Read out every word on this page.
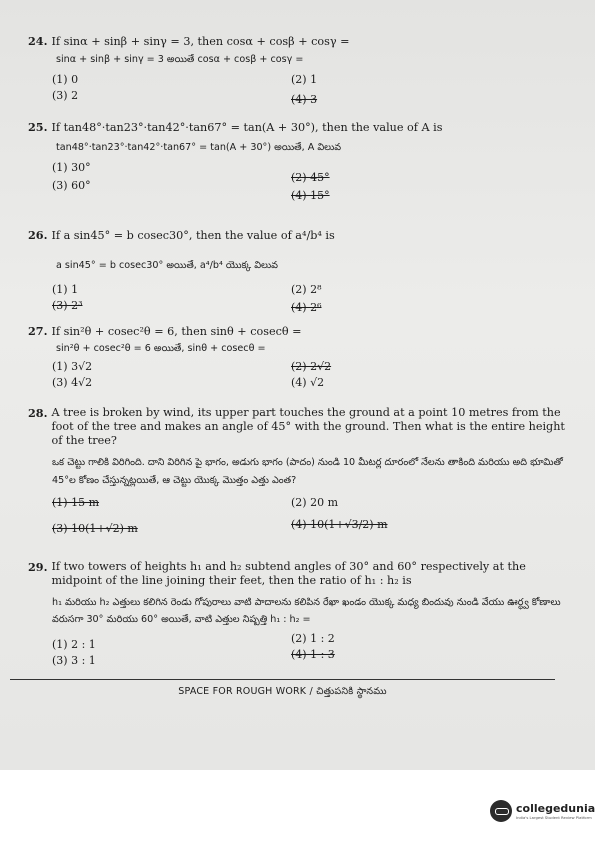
24. If sinα + sinβ + sinγ = 3, then cosα + cosβ + cosγ =
sinα + sinβ + sinγ = 3 అయితే cosα + cosβ + cosγ =
(1) 0	(2) 1
(3) 2	(4) 3
25. If tan48°·tan23°·tan42°·tan67° = tan(A + 30°), then the value of A is
tan48°·tan23°·tan42°·tan67° = tan(A + 30°) అయితే, A విలువ
(1) 30°
(2) 45°
(3) 60°
(4) 15°
26. If a sin45° = b cosec30°, then the value of a⁴/b⁴ is
a sin45° = b cosec30° అయితే, a⁴/b⁴ యొక్క విలువ
(1) 1	(2) 2⁸
(3) 2³	(4) 2⁶
27. If sin²θ + cosec²θ = 6, then sinθ + cosecθ =
sin²θ + cosec²θ = 6 అయితే, sinθ + cosecθ =
(1) 3√2	(2) 2√2
(3) 4√2	(4) √2
28. A tree is broken by wind, its upper part touches the ground at a point 10 metres from the foot of the tree and makes an angle of 45° with the ground. Then what is the entire height of the tree?
ఒక చెట్టు గాలికి విరిగింది. దాని విరిగిన పై భాగం, అడుగు భాగం (పాదం) నుండి 10 మీటర్ల దూరంలో నేలను తాకింది మరియు అది భూమితో 45°ల కోణం చేస్తున్నట్లయితే, ఆ చెట్టు యొక్క మొత్తం ఎత్తు ఎంత?
(1) 15 m	(2) 20 m
(3) 10(1+√2) m	(4) 10(1+√3/2) m
29. If two towers of heights h₁ and h₂ subtend angles of 30° and 60° respectively at the midpoint of the line joining their feet, then the ratio of h₁ : h₂ is
h₁ మరియు h₂ ఎత్తులు కలిగిన రెండు గోపురాలు వాటి పాదాలను కలిపిన రేఖా ఖండం యొక్క మధ్య బిందువు నుండి వేయు ఊర్ధ్వ కోణాలు వరుసగా 30° మరియు 60° అయితే, వాటి ఎత్తుల నిష్పత్తి h₁ : h₂ =
(1) 2 : 1	(2) 1 : 2
(3) 3 : 1	(4) 1 : 3
SPACE FOR ROUGH WORK / చిత్తుపనికి స్థానము
collegedunia
India's Largest Student Review Platform
